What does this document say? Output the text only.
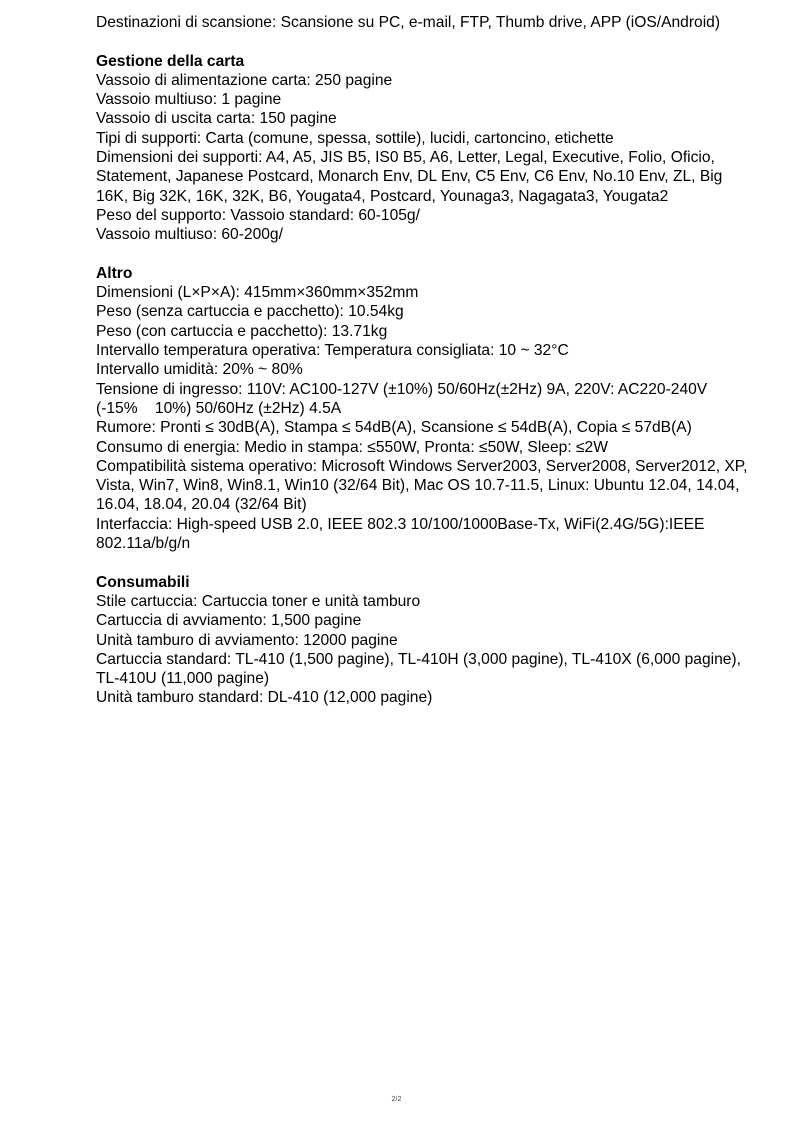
Destinazioni di scansione: Scansione su PC, e-mail, FTP, Thumb drive, APP (iOS/Android)

Gestione della carta

Vassoio di alimentazione carta: 250 pagine

Vassoio multiuso: 1 pagine

Vassoio di uscita carta: 150 pagine

Tipi di supporti: Carta (comune, spessa, sottile), lucidi, cartoncino, etichette

Dimensioni dei supporti: A4, A5, JIS B5, IS0 B5, A6, Letter, Legal, Executive, Folio, Oficio, Statement, Japanese Postcard, Monarch Env, DL Env, C5 Env, C6 Env, No.10 Env, ZL, Big 16K, Big 32K, 16K, 32K, B6, Yougata4, Postcard, Younaga3, Nagagata3, Yougata2

Peso del supporto: Vassoio standard: 60-105g/

Vassoio multiuso: 60-200g/

Altro

Dimensioni (L×P×A): 415mm×360mm×352mm

Peso (senza cartuccia e pacchetto): 10.54kg

Peso (con cartuccia e pacchetto): 13.71kg

Intervallo temperatura operativa: Temperatura consigliata: 10 ~ 32°C

Intervallo umidità: 20% ~ 80%

Tensione di ingresso: 110V: AC100-127V (±10%) 50/60Hz(±2Hz) 9A, 220V: AC220-240V (-15%    10%) 50/60Hz (±2Hz) 4.5A

Rumore: Pronti ≤ 30dB(A), Stampa ≤ 54dB(A), Scansione ≤ 54dB(A), Copia ≤ 57dB(A)

Consumo di energia: Medio in stampa: ≤550W, Pronta: ≤50W, Sleep: ≤2W

Compatibilità sistema operativo: Microsoft Windows Server2003, Server2008, Server2012, XP, Vista, Win7, Win8, Win8.1, Win10 (32/64 Bit), Mac OS 10.7-11.5, Linux: Ubuntu 12.04, 14.04, 16.04, 18.04, 20.04 (32/64 Bit)

Interfaccia: High-speed USB 2.0, IEEE 802.3 10/100/1000Base-Tx, WiFi(2.4G/5G):IEEE 802.11a/b/g/n

Consumabili

Stile cartuccia: Cartuccia toner e unità tamburo

Cartuccia di avviamento: 1,500 pagine

Unità tamburo di avviamento: 12000 pagine

Cartuccia standard: TL-410 (1,500 pagine), TL-410H (3,000 pagine), TL-410X (6,000 pagine), TL-410U (11,000 pagine)

Unità tamburo standard: DL-410 (12,000 pagine)

2/2
